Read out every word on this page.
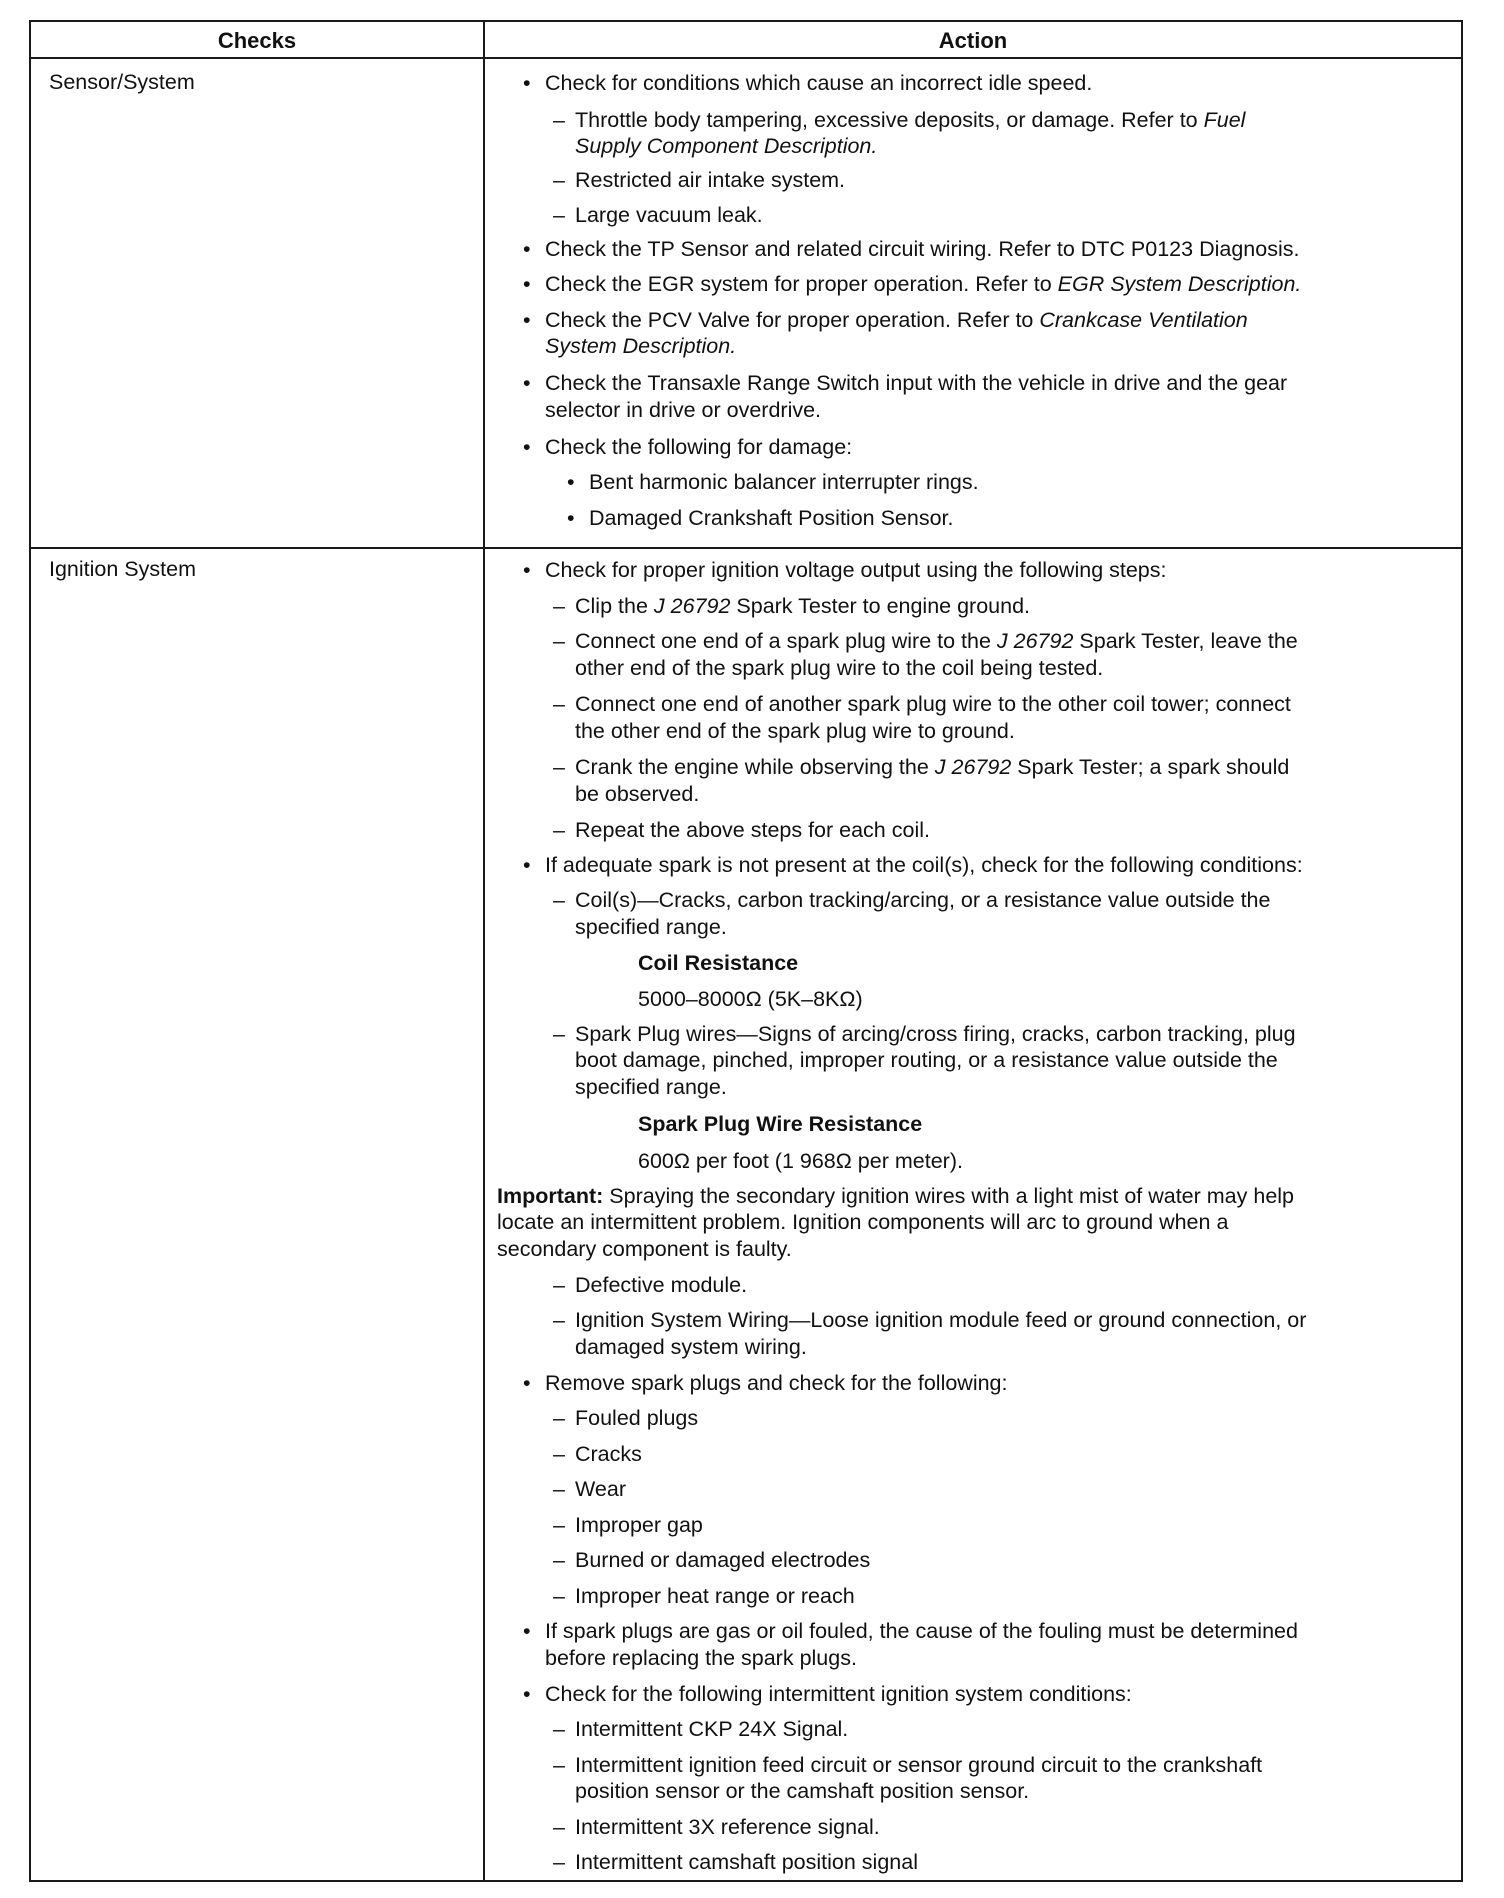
Checks	Action
Sensor/System	• Check for conditions which cause an incorrect idle speed.
– Throttle body tampering, excessive deposits, or damage. Refer to Fuel
Supply Component Description.
– Restricted air intake system.
– Large vacuum leak.
• Check the TP Sensor and related circuit wiring. Refer to DTC P0123 Diagnosis.
• Check the EGR system for proper operation. Refer to EGR System Description.
• Check the PCV Valve for proper operation. Refer to Crankcase Ventilation
System Description.
• Check the Transaxle Range Switch input with the vehicle in drive and the gear
selector in drive or overdrive.
• Check the following for damage:
• Bent harmonic balancer interrupter rings.
• Damaged Crankshaft Position Sensor.
Ignition System	• Check for proper ignition voltage output using the following steps:
– Clip the J 26792 Spark Tester to engine ground.
– Connect one end of a spark plug wire to the J 26792 Spark Tester, leave the
other end of the spark plug wire to the coil being tested.
– Connect one end of another spark plug wire to the other coil tower; connect
the other end of the spark plug wire to ground.
– Crank the engine while observing the J 26792 Spark Tester; a spark should
be observed.
– Repeat the above steps for each coil.
• If adequate spark is not present at the coil(s), check for the following conditions:
– Coil(s)—Cracks, carbon tracking/arcing, or a resistance value outside the
specified range.
Coil Resistance
5000–8000Ω (5K–8KΩ)
– Spark Plug wires—Signs of arcing/cross firing, cracks, carbon tracking, plug
boot damage, pinched, improper routing, or a resistance value outside the
specified range.
Spark Plug Wire Resistance
600Ω per foot (1 968Ω per meter).
Important: Spraying the secondary ignition wires with a light mist of water may help
locate an intermittent problem. Ignition components will arc to ground when a
secondary component is faulty.
– Defective module.
– Ignition System Wiring—Loose ignition module feed or ground connection, or
damaged system wiring.
• Remove spark plugs and check for the following:
– Fouled plugs
– Cracks
– Wear
– Improper gap
– Burned or damaged electrodes
– Improper heat range or reach
• If spark plugs are gas or oil fouled, the cause of the fouling must be determined
before replacing the spark plugs.
• Check for the following intermittent ignition system conditions:
– Intermittent CKP 24X Signal.
– Intermittent ignition feed circuit or sensor ground circuit to the crankshaft
position sensor or the camshaft position sensor.
– Intermittent 3X reference signal.
– Intermittent camshaft position signal
